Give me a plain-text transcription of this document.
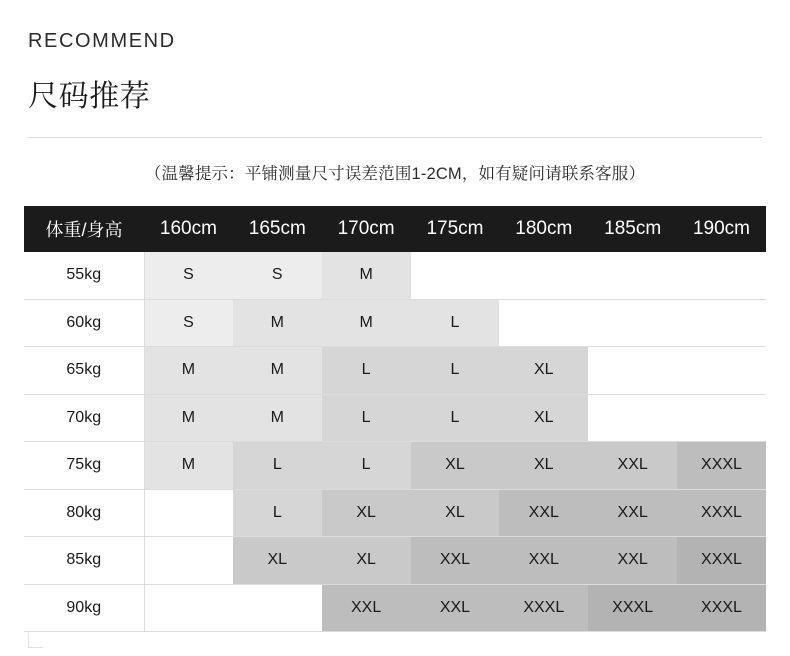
RECOMMEND
尺码推荐
（温馨提示：平铺测量尺寸误差范围1-2CM，如有疑问请联系客服）
体重/身高	160cm	165cm	170cm	175cm	180cm	185cm	190cm
55kg	S	S	M				
60kg	S	M	M	L			
65kg	M	M	L	L	XL		
70kg	M	M	L	L	XL		
75kg	M	L	L	XL	XL	XXL	XXXL
80kg		L	XL	XL	XXL	XXL	XXXL
85kg		XL	XL	XXL	XXL	XXL	XXXL
90kg			XXL	XXL	XXXL	XXXL	XXXL
